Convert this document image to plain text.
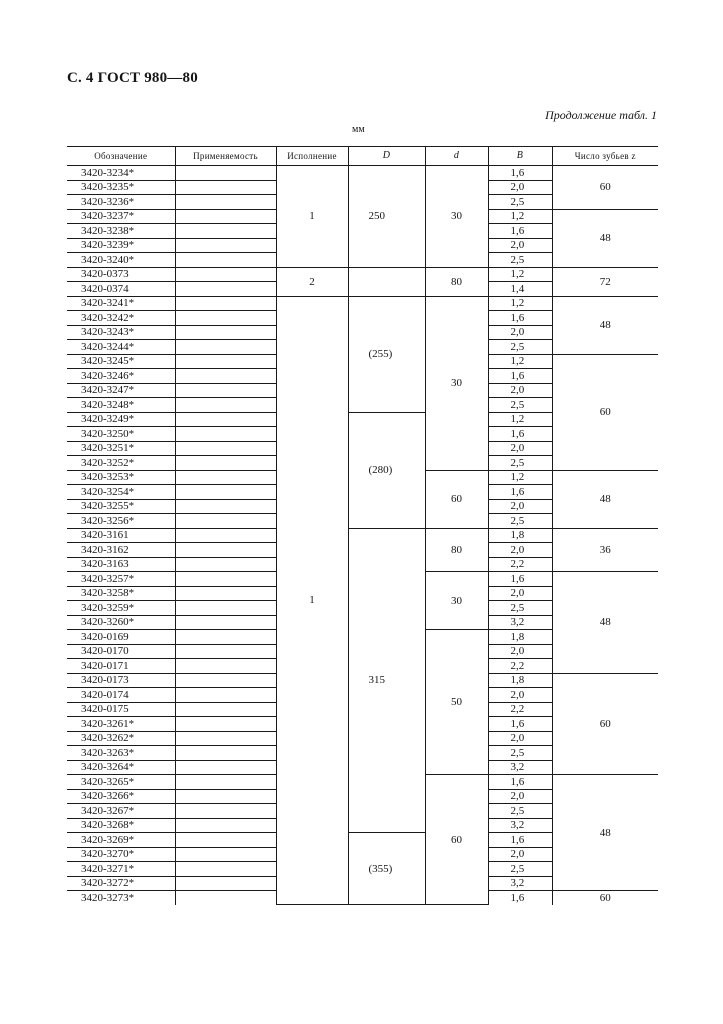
С. 4 ГОСТ 980—80
Продолжение табл. 1
мм
Обозначение	Применяемость	Исполнение	D	d	B	Число зубьев z
3420-3234*		1	250	30	1,6	60
3420-3235*					2,0	
3420-3236*					2,5	
3420-3237*					1,2	48
3420-3238*					1,6	
3420-3239*					2,0	
3420-3240*					2,5	
3420-0373		2		80	1,2	72
3420-0374					1,4	
3420-3241*		1	(255)	30	1,2	48
3420-3242*					1,6	
3420-3243*					2,0	
3420-3244*					2,5	
3420-3245*					1,2	60
3420-3246*					1,6	
3420-3247*					2,0	
3420-3248*					2,5	
3420-3249*			(280)		1,2	
3420-3250*					1,6	
3420-3251*					2,0	
3420-3252*					2,5	
3420-3253*				60	1,2	48
3420-3254*					1,6	
3420-3255*					2,0	
3420-3256*					2,5	
3420-3161			315	80	1,8	36
3420-3162					2,0	
3420-3163					2,2	
3420-3257*				30	1,6	48
3420-3258*					2,0	
3420-3259*					2,5	
3420-3260*					3,2	
3420-0169				50	1,8	
3420-0170					2,0	
3420-0171					2,2	
3420-0173					1,8	60
3420-0174					2,0	
3420-0175					2,2	
3420-3261*					1,6	
3420-3262*					2,0	
3420-3263*					2,5	
3420-3264*					3,2	
3420-3265*				60	1,6	48
3420-3266*					2,0	
3420-3267*					2,5	
3420-3268*					3,2	
3420-3269*			(355)		1,6	
3420-3270*					2,0	
3420-3271*					2,5	
3420-3272*					3,2	
3420-3273*					1,6	60
